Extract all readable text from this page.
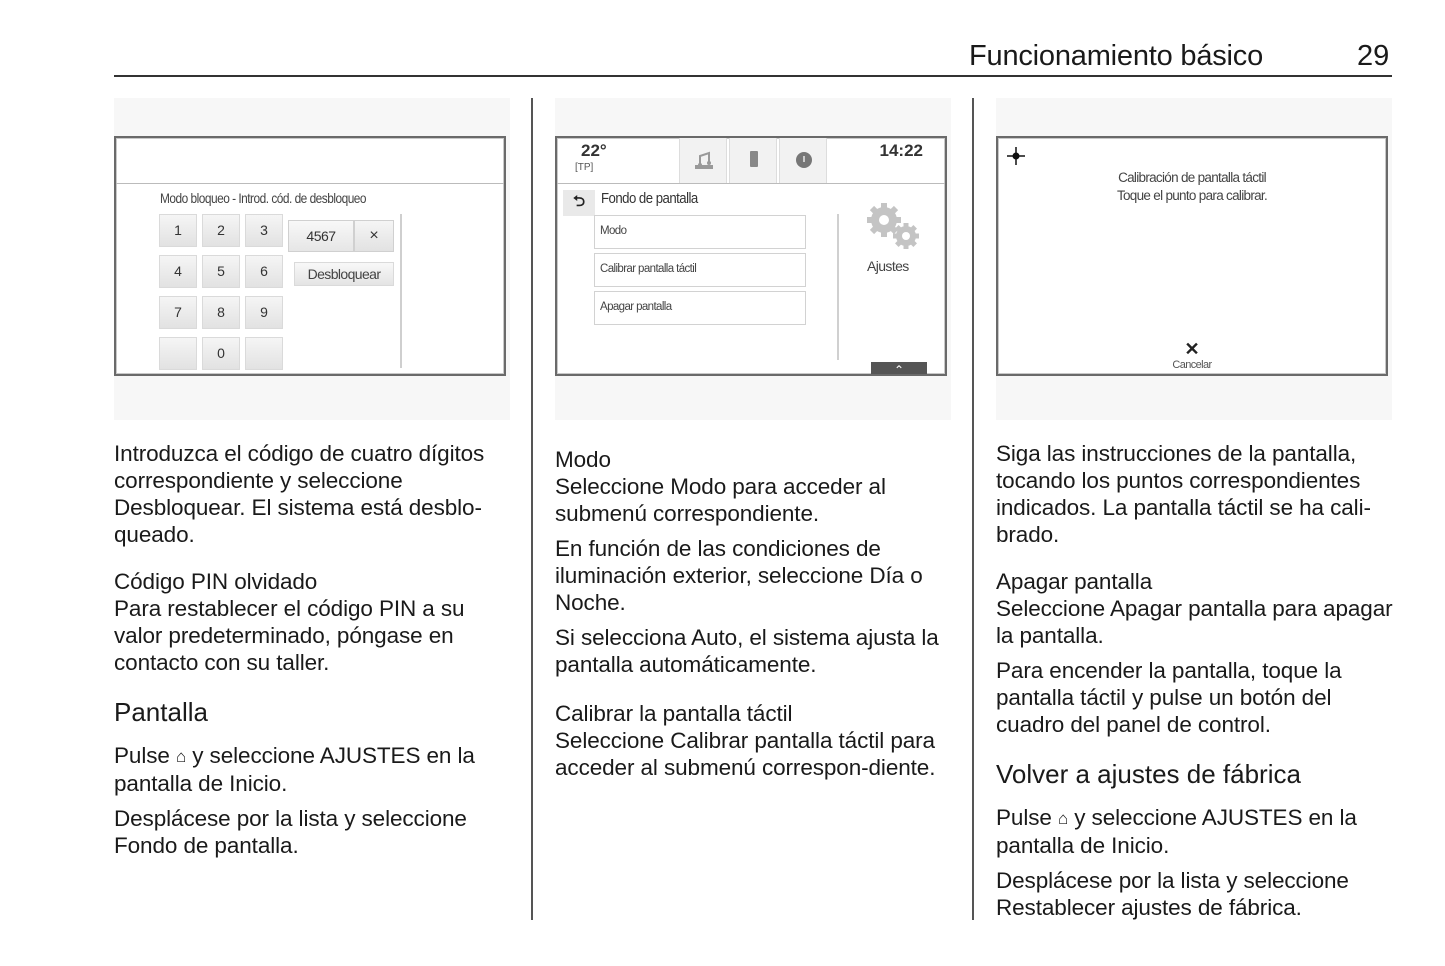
Funcionamiento básico	29
Modo bloqueo - Introd. cód. de desbloqueo
1	2	3
4	5	6
7	8	9
0
4567	×
Desbloquear
22°
[TP]
14:22
⮌	Fondo de pantalla
Modo
Calibrar pantalla táctil
Apagar pantalla
Ajustes
⌃
Calibración de pantalla táctil
Toque el punto para calibrar.
✕
Cancelar

Introduzca el código de cuatro dígitos correspondiente y seleccione Desbloquear. El sistema está desblo-queado.

Código PIN olvidado

Para restablecer el código PIN a su valor predeterminado, póngase en contacto con su taller.

Pantalla

Pulse ⌂ y seleccione AJUSTES en la pantalla de Inicio.

Desplácese por la lista y seleccione Fondo de pantalla.

Modo

Seleccione Modo para acceder al submenú correspondiente.

En función de las condiciones de iluminación exterior, seleccione Día o Noche.

Si selecciona Auto, el sistema ajusta la pantalla automáticamente.

Calibrar la pantalla táctil

Seleccione Calibrar pantalla táctil para acceder al submenú correspon-diente.

Siga las instrucciones de la pantalla, tocando los puntos correspondientes indicados. La pantalla táctil se ha cali-brado.

Apagar pantalla

Seleccione Apagar pantalla para apagar la pantalla.

Para encender la pantalla, toque la pantalla táctil y pulse un botón del cuadro del panel de control.

Volver a ajustes de fábrica

Pulse ⌂ y seleccione AJUSTES en la pantalla de Inicio.

Desplácese por la lista y seleccione Restablecer ajustes de fábrica.
